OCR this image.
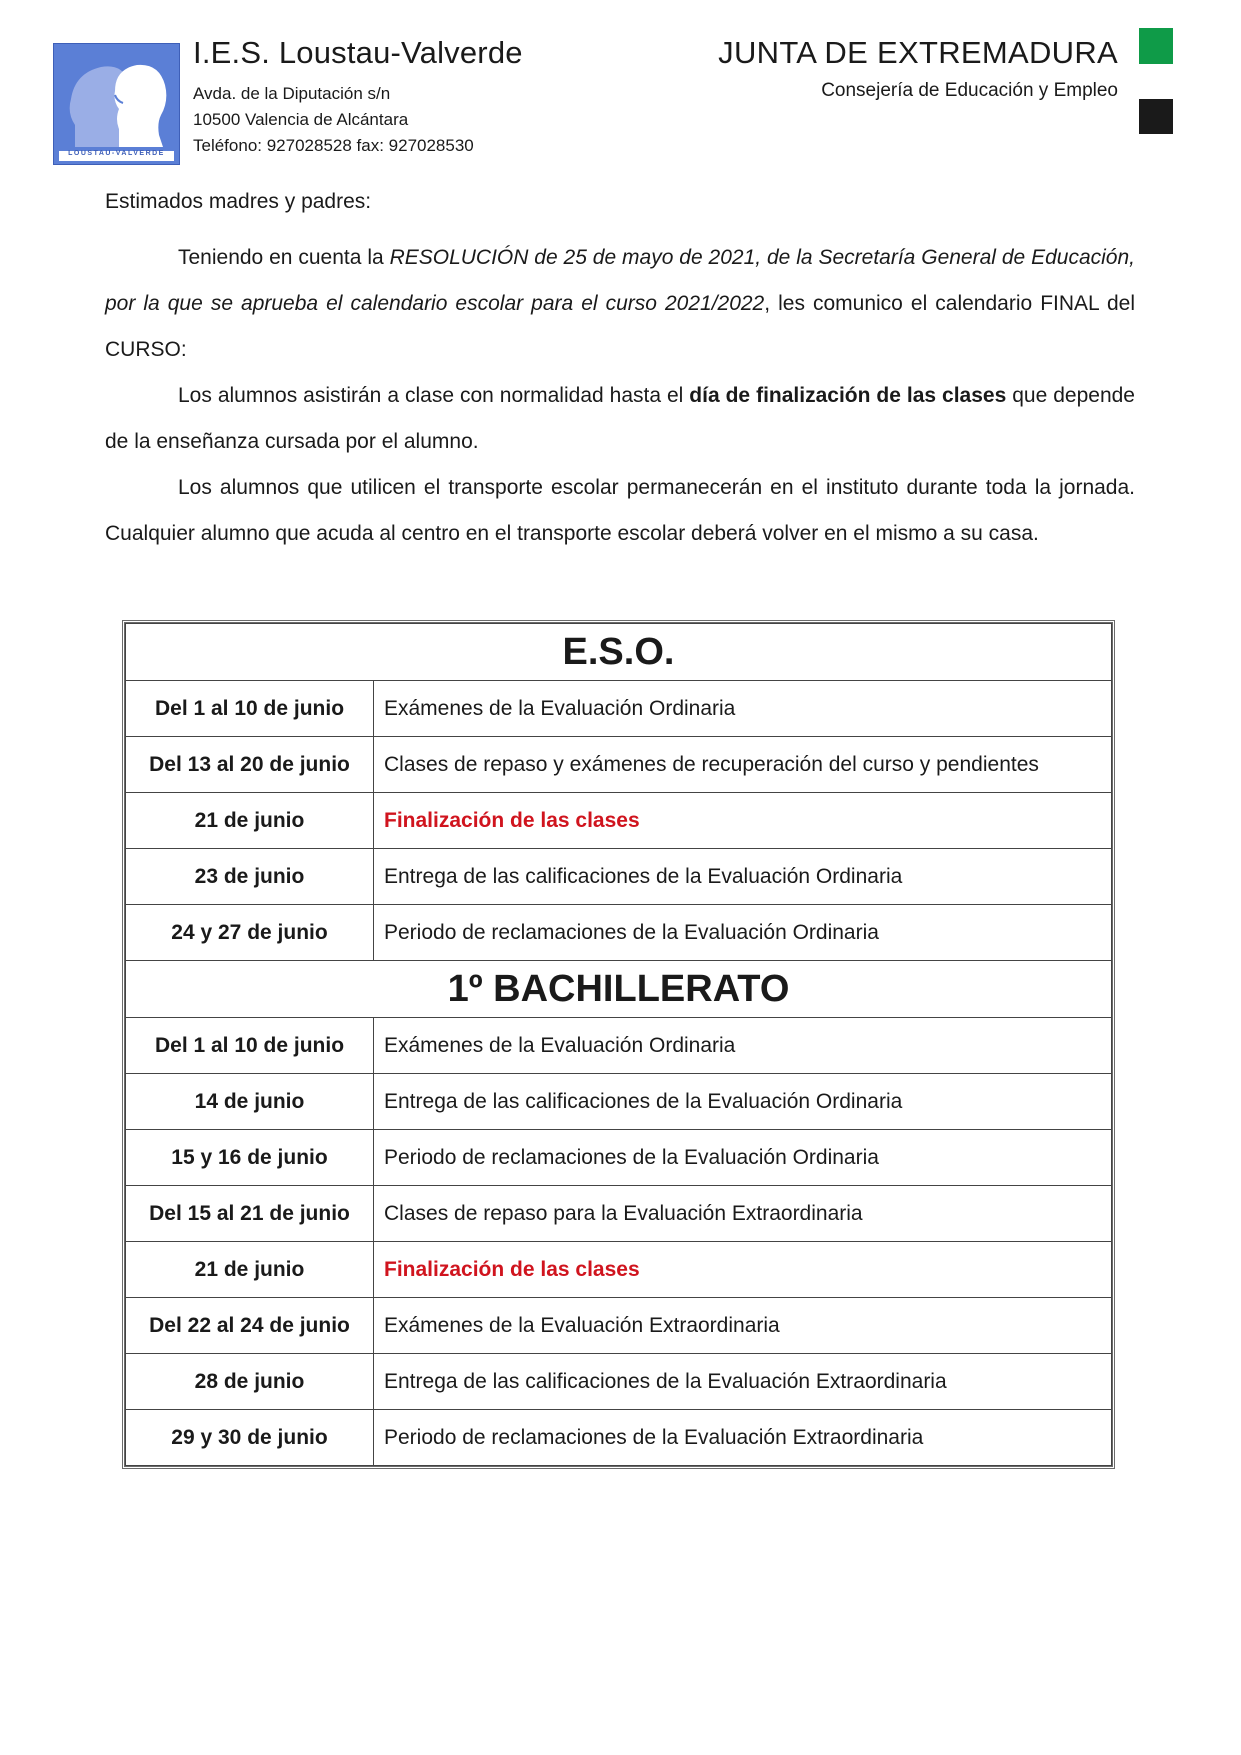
LOUSTAU-VALVERDE
I.E.S. Loustau-Valverde
Avda. de la Diputación s/n
10500 Valencia de Alcántara
Teléfono: 927028528 fax: 927028530
JUNTA DE EXTREMADURA
Consejería de Educación y Empleo

Estimados madres y padres:

Teniendo en cuenta la RESOLUCIÓN de 25 de mayo de 2021, de la Secretaría General de Educación, por la que se aprueba el calendario escolar para el curso 2021/2022, les comunico el calendario FINAL del CURSO:

Los alumnos asistirán a clase con normalidad hasta el día de finalización de las clases que depende de la enseñanza cursada por el alumno.

Los alumnos que utilicen el transporte escolar permanecerán en el instituto durante toda la jornada. Cualquier alumno que acuda al centro en el transporte escolar deberá volver en el mismo a su casa.

E.S.O.	
Del 1 al 10 de junio	Exámenes de la Evaluación Ordinaria
Del 13 al 20 de junio	Clases de repaso y exámenes de recuperación del curso y pendientes
21 de junio	Finalización de las clases
23 de junio	Entrega de las calificaciones de la Evaluación Ordinaria
24 y 27 de junio	Periodo de reclamaciones de la Evaluación Ordinaria
1º BACHILLERATO	
Del 1 al 10 de junio	Exámenes de la Evaluación Ordinaria
14 de junio	Entrega de las calificaciones de la Evaluación Ordinaria
15 y 16 de junio	Periodo de reclamaciones de la Evaluación Ordinaria
Del 15 al 21 de junio	Clases de repaso para la Evaluación Extraordinaria
21 de junio	Finalización de las clases
Del 22 al 24 de junio	Exámenes de la Evaluación Extraordinaria
28 de junio	Entrega de las calificaciones de la Evaluación Extraordinaria
29 y 30 de junio	Periodo de reclamaciones de la Evaluación Extraordinaria
